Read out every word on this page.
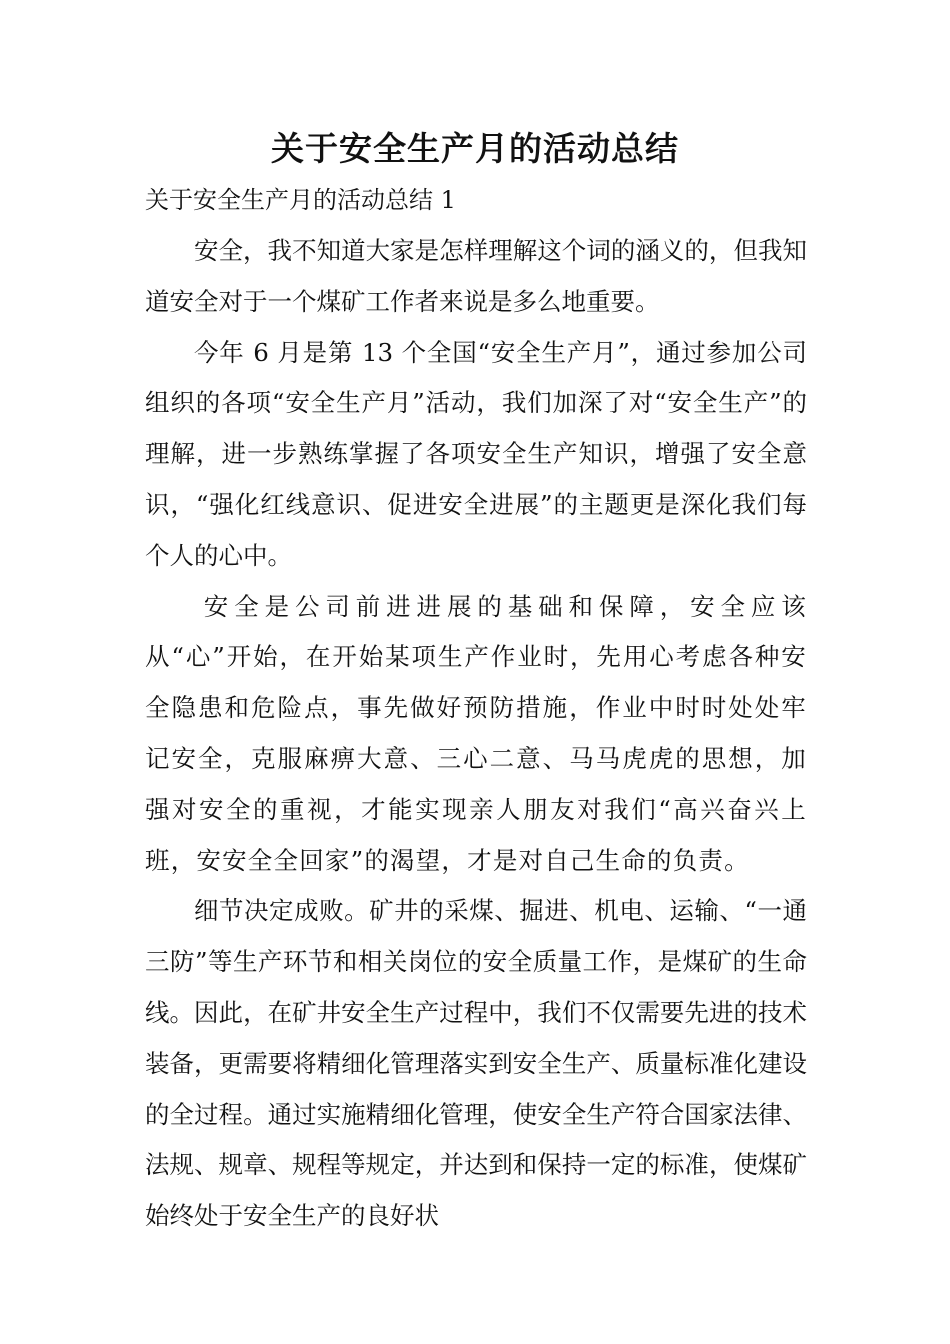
关于安全生产月的活动总结
关于安全生产月的活动总结 1

安全，我不知道大家是怎样理解这个词的涵义的，但我知道安全对于一个煤矿工作者来说是多么地重要。

今年 6 月是第 13 个全国“安全生产月”，通过参加公司组织的各项“安全生产月”活动，我们加深了对“安全生产”的理解，进一步熟练掌握了各项安全生产知识，增强了安全意识，“强化红线意识、促进安全进展”的主题更是深化我们每个人的心中。

安全是公司前进进展的基础和保障，安全应该从“心”开始，在开始某项生产作业时，先用心考虑各种安全隐患和危险点，事先做好预防措施，作业中时时处处牢记安全，克服麻痹大意、三心二意、马马虎虎的思想，加强对安全的重视，才能实现亲人朋友对我们“高兴奋兴上班，安安全全回家”的渴望，才是对自己生命的负责。

细节决定成败。矿井的采煤、掘进、机电、运输、“一通三防”等生产环节和相关岗位的安全质量工作，是煤矿的生命线。因此，在矿井安全生产过程中，我们不仅需要先进的技术装备，更需要将精细化管理落实到安全生产、质量标准化建设的全过程。通过实施精细化管理，使安全生产符合国家法律、法规、规章、规程等规定，并达到和保持一定的标准，使煤矿始终处于安全生产的良好状
